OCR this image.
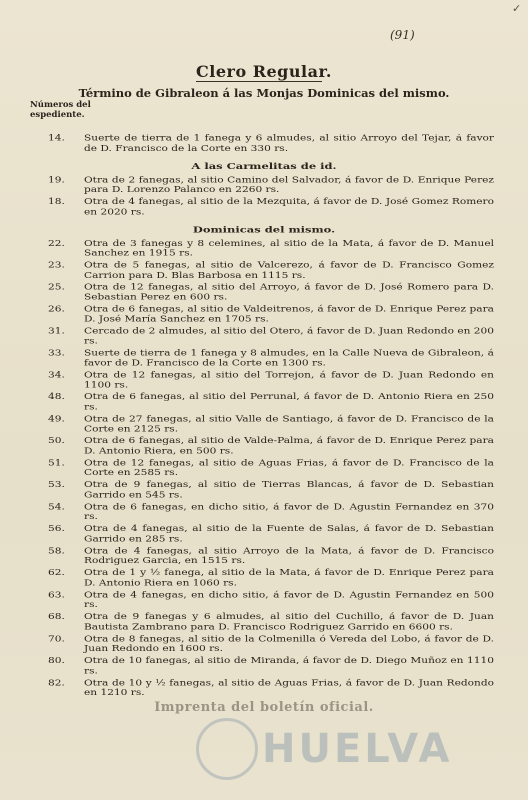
(91)
✓
Clero Regular.
Término de Gibraleon á las Monjas Dominicas del mismo.
Números del espediente.
14.	Suerte de tierra de 1 fanega y 6 almudes, al sitio Arroyo del Tejar, á favor de D. Francisco de la Corte en 330 rs.
A las Carmelitas de id.
19.	Otra de 2 fanegas, al sitio Camino del Salvador, á favor de D. Enrique Perez para D. Lorenzo Palanco en 2260 rs.
18.	Otra de 4 fanegas, al sitio de la Mezquita, á favor de D. José Gomez Romero en 2020 rs.
Dominicas del mismo.
22.	Otra de 3 fanegas y 8 celemines, al sitio de la Mata, á favor de D. Manuel Sanchez en 1915 rs.
23.	Otra de 5 fanegas, al sitio de Valcerezo, á favor de D. Francisco Gomez Carrion para D. Blas Barbosa en 1115 rs.
25.	Otra de 12 fanegas, al sitio del Arroyo, á favor de D. José Romero para D. Sebastian Perez en 600 rs.
26.	Otra de 6 fanegas, al sitio de Valdeitrenos, á favor de D. Enrique Perez para D. José María Sanchez en 1705 rs.
31.	Cercado de 2 almudes, al sitio del Otero, á favor de D. Juan Redondo en 200 rs.
33.	Suerte de tierra de 1 fanega y 8 almudes, en la Calle Nueva de Gibraleon, á favor de D. Francisco de la Corte en 1300 rs.
34.	Otra de 12 fanegas, al sitio del Torrejon, á favor de D. Juan Redondo en 1100 rs.
48.	Otra de 6 fanegas, al sitio del Perrunal, á favor de D. Antonio Riera en 250 rs.
49.	Otra de 27 fanegas, al sitio Valle de Santiago, á favor de D. Francisco de la Corte en 2125 rs.
50.	Otra de 6 fanegas, al sitio de Valde-Palma, á favor de D. Enrique Perez para D. Antonio Riera, en 500 rs.
51.	Otra de 12 fanegas, al sitio de Aguas Frias, á favor de D. Francisco de la Corte en 2585 rs.
53.	Otra de 9 fanegas, al sitio de Tierras Blancas, á favor de D. Sebastian Garrido en 545 rs.
54.	Otra de 6 fanegas, en dicho sitio, á favor de D. Agustin Fernandez en 370 rs.
56.	Otra de 4 fanegas, al sitio de la Fuente de Salas, á favor de D. Sebastian Garrido en 285 rs.
58.	Otra de 4 fanegas, al sitio Arroyo de la Mata, á favor de D. Francisco Rodriguez Garcia, en 1515 rs.
62.	Otra de 1 y ½ fanega, al sitio de la Mata, á favor de D. Enrique Perez para D. Antonio Riera en 1060 rs.
63.	Otra de 4 fanegas, en dicho sitio, á favor de D. Agustin Fernandez en 500 rs.
68.	Otra de 9 fanegas y 6 almudes, al sitio del Cuchillo, á favor de D. Juan Bautista Zambrano para D. Francisco Rodriguez Garrido en 6600 rs.
70.	Otra de 8 fanegas, al sitio de la Colmenilla ó Vereda del Lobo, á favor de D. Juan Redondo en 1600 rs.
80.	Otra de 10 fanegas, al sitio de Miranda, á favor de D. Diego Muñoz en 1110 rs.
82.	Otra de 10 y ½ fanegas, al sitio de Aguas Frias, á favor de D. Juan Redondo en 1210 rs.
Imprenta del boletín oficial.
HUELVA
